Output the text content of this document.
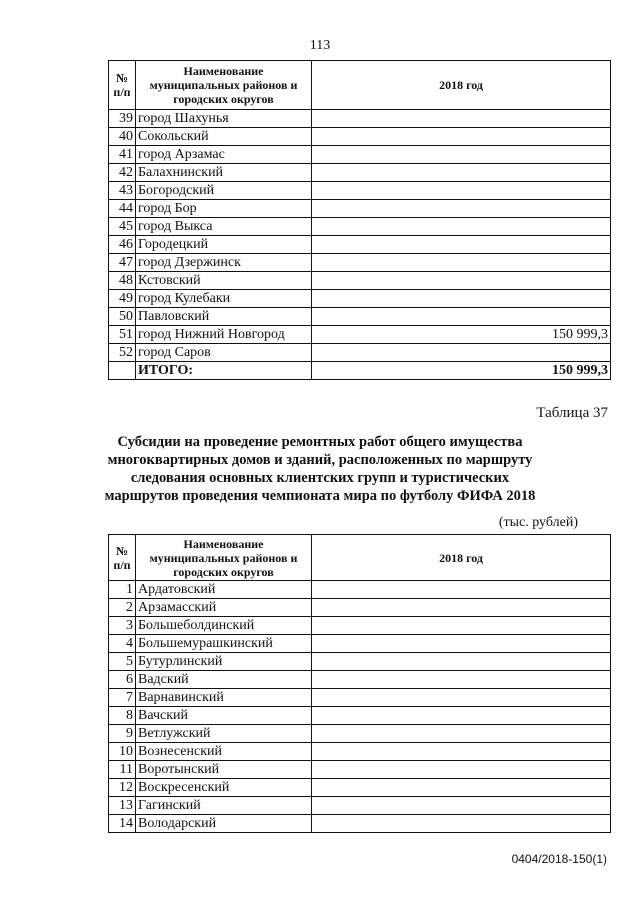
113
№ п/п	Наименование муниципальных районов и городских округов	2018 год
39	город Шахунья	
40	Сокольский	
41	город Арзамас	
42	Балахнинский	
43	Богородский	
44	город Бор	
45	город Выкса	
46	Городецкий	
47	город Дзержинск	
48	Кстовский	
49	город Кулебаки	
50	Павловский	
51	город Нижний Новгород	150 999,3
52	город Саров	
	ИТОГО:	150 999,3
Таблица 37
Субсидии на проведение ремонтных работ общего имущества многоквартирных домов и зданий, расположенных по маршруту следования основных клиентских групп и туристических маршрутов проведения чемпионата мира по футболу ФИФА 2018
(тыс. рублей)
№ п/п	Наименование муниципальных районов и городских округов	2018 год
1	Ардатовский	
2	Арзамасский	
3	Большеболдинский	
4	Большемурашкинский	
5	Бутурлинский	
6	Вадский	
7	Варнавинский	
8	Вачский	
9	Ветлужский	
10	Вознесенский	
11	Воротынский	
12	Воскресенский	
13	Гагинский	
14	Володарский	
0404/2018-150(1)
